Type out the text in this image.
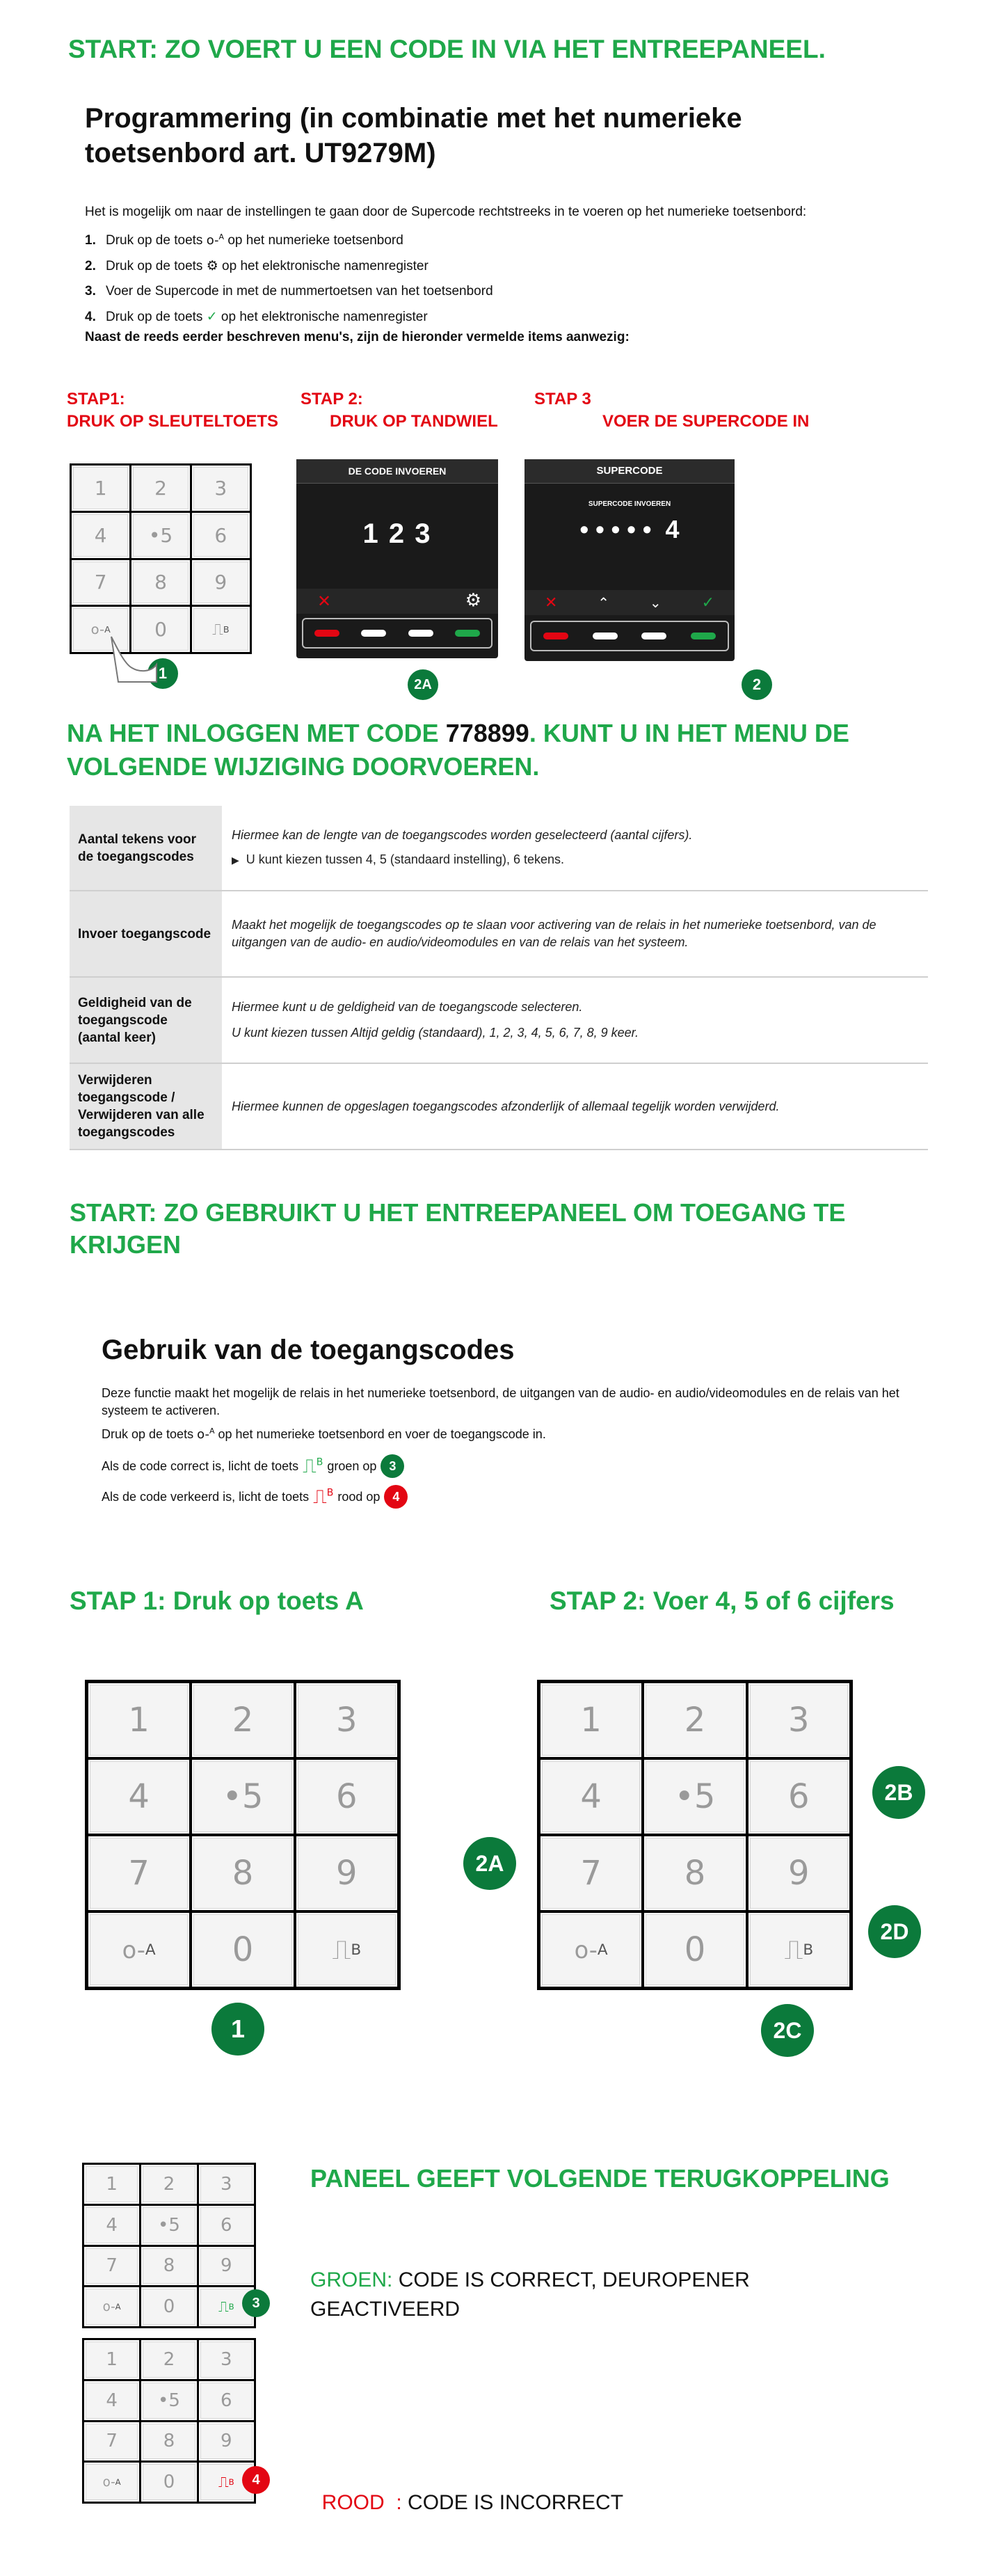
START: ZO VOERT U EEN CODE IN VIA HET ENTREEPANEEL.
Programmering (in combinatie met het numerieke
toetsenbord art. UT9279M)
Het is mogelijk om naar de instellingen te gaan door de Supercode rechtstreeks in te voeren op het numerieke toetsenbord:
1. Druk op de toets o-$^A$ op het numerieke toetsenbord
2. Druk op de toets ⚙ op het elektronische namenregister
3. Voer de Supercode in met de nummertoetsen van het toetsenbord
4. Druk op de toets ✓ op het elektronische namenregister
Naast de reeds eerder beschreven menu's, zijn de hieronder vermelde items aanwezig:
STAP1:
DRUK OP SLEUTELTOETS
STAP 2:
DRUK OP TANDWIEL
STAP 3
VOER DE SUPERCODE IN
1 2 3
4 •5 6
7 8 9
o- A 0	⎍ B
1
DE CODE INVOEREN
1 2 3
✕	⚙
2A
SUPERCODE
SUPERCODE INVOEREN
• • • • •  4
✕	⌃	⌄	✓
2
NA HET INLOGGEN MET CODE 778899. KUNT U IN HET MENU DE
VOLGENDE WIJZIGING DOORVOEREN.
Aantal tekens voor de toegangscodes	Hiermee kan de lengte van de toegangscodes worden geselecteerd (aantal cijfers).
▶ U kunt kiezen tussen 4, 5 (standaard instelling), 6 tekens.

Invoer toegangscode	Maakt het mogelijk de toegangscodes op te slaan voor activering van de relais in het numerieke toetsenbord, van de uitgangen van de audio- en audio/videomodules en van de relais van het systeem.
Geldigheid van de toegangscode (aantal keer)	Hiermee kunt u de geldigheid van de toegangscode selecteren.
U kunt kiezen tussen Altijd geldig (standaard), 1, 2, 3, 4, 5, 6, 7, 8, 9 keer.

Verwijderen toegangscode / Verwijderen van alle toegangscodes	Hiermee kunnen de opgeslagen toegangscodes afzonderlijk of allemaal tegelijk worden verwijderd.
START: ZO GEBRUIKT U HET ENTREEPANEEL OM TOEGANG TE
KRIJGEN
Gebruik van de toegangscodes
Deze functie maakt het mogelijk de relais in het numerieke toetsenbord, de uitgangen van de audio- en audio/videomodules en de relais van het systeem te activeren.
Druk op de toets o-$^A$ op het numerieke toetsenbord en voer de toegangscode in.
Als de code correct is, licht de toets ⎍$^B$ groen op 3
Als de code verkeerd is, licht de toets ⎍$^B$ rood op 4
STAP 1: Druk op toets A	STAP 2: Voer 4, 5 of 6 cijfers
1 2 3
4 •5 6
7 8 9
o- A 0	⎍ B
1 2 3
4 •5 6
7 8 9
o- A 0	⎍ B
1
2B
2A
2D
2C
1	2	3
4 •5 6
7	8	9
o- A 0	⎍ B
1	2	3
4 •5 6
7	8	9
o- A 0	⎍ B
3
4
PANEEL GEEFT VOLGENDE TERUGKOPPELING
GROEN: CODE IS CORRECT, DEUROPENER
GEACTIVEERD

ROOD  : CODE IS INCORRECT
